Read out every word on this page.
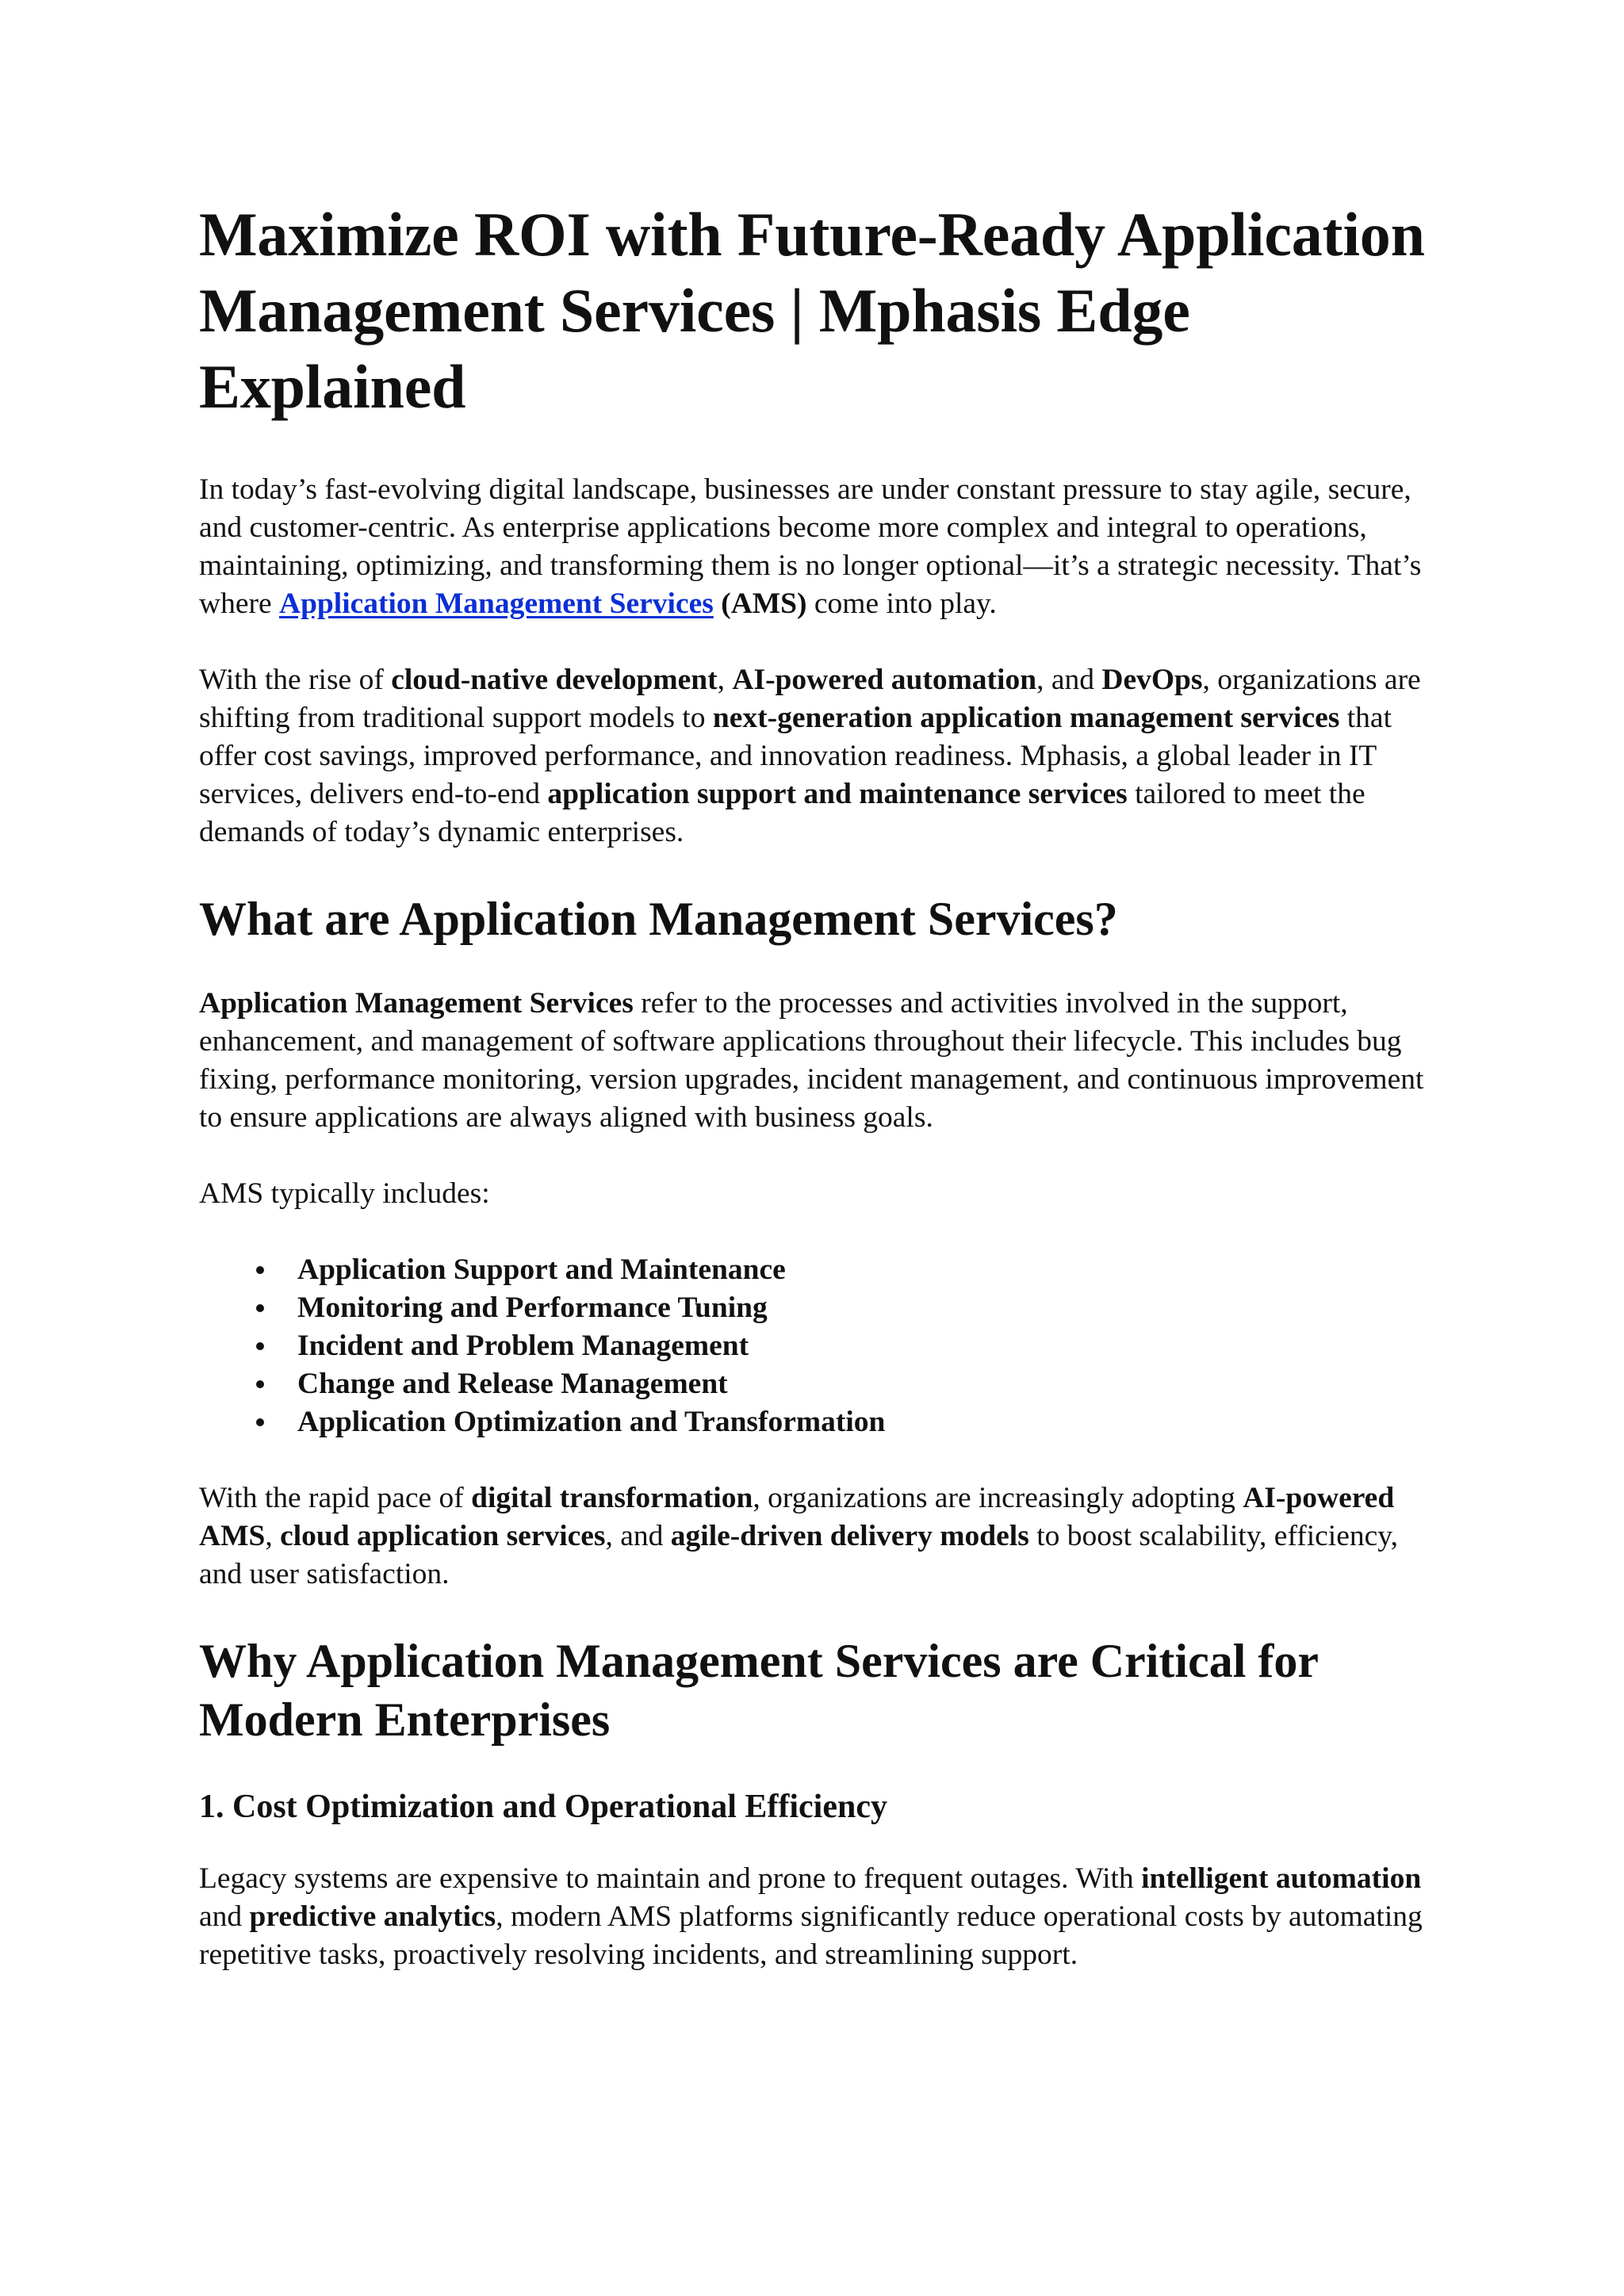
Maximize ROI with Future-Ready Application Management Services | Mphasis Edge Explained

In today’s fast-evolving digital landscape, businesses are under constant pressure to stay agile, secure, and customer-centric. As enterprise applications become more complex and integral to operations, maintaining, optimizing, and transforming them is no longer optional—it’s a strategic necessity. That’s where Application Management Services (AMS) come into play.

With the rise of cloud-native development, AI-powered automation, and DevOps, organizations are shifting from traditional support models to next-generation application management services that offer cost savings, improved performance, and innovation readiness. Mphasis, a global leader in IT services, delivers end-to-end application support and maintenance services tailored to meet the demands of today’s dynamic enterprises.

What are Application Management Services?

Application Management Services refer to the processes and activities involved in the support, enhancement, and management of software applications throughout their lifecycle. This includes bug fixing, performance monitoring, version upgrades, incident management, and continuous improvement to ensure applications are always aligned with business goals.

AMS typically includes:

Application Support and Maintenance
Monitoring and Performance Tuning
Incident and Problem Management
Change and Release Management
Application Optimization and Transformation

With the rapid pace of digital transformation, organizations are increasingly adopting AI-powered AMS, cloud application services, and agile-driven delivery models to boost scalability, efficiency, and user satisfaction.

Why Application Management Services are Critical for Modern Enterprises
1. Cost Optimization and Operational Efficiency

Legacy systems are expensive to maintain and prone to frequent outages. With intelligent automation and predictive analytics, modern AMS platforms significantly reduce operational costs by automating repetitive tasks, proactively resolving incidents, and streamlining support.
